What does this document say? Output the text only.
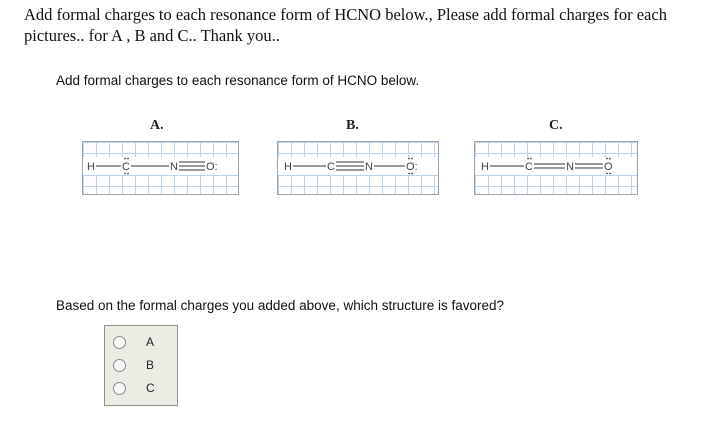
Add formal charges to each resonance form of HCNO below., Please add formal charges for each pictures.. for A , B and C.. Thank you..
Add formal charges to each resonance form of HCNO below.
A.
H C	N	O:
B.
H	C	N	O:
C.
H	C	N	O
Based on the formal charges you added above, which structure is favored?
A
B
C
